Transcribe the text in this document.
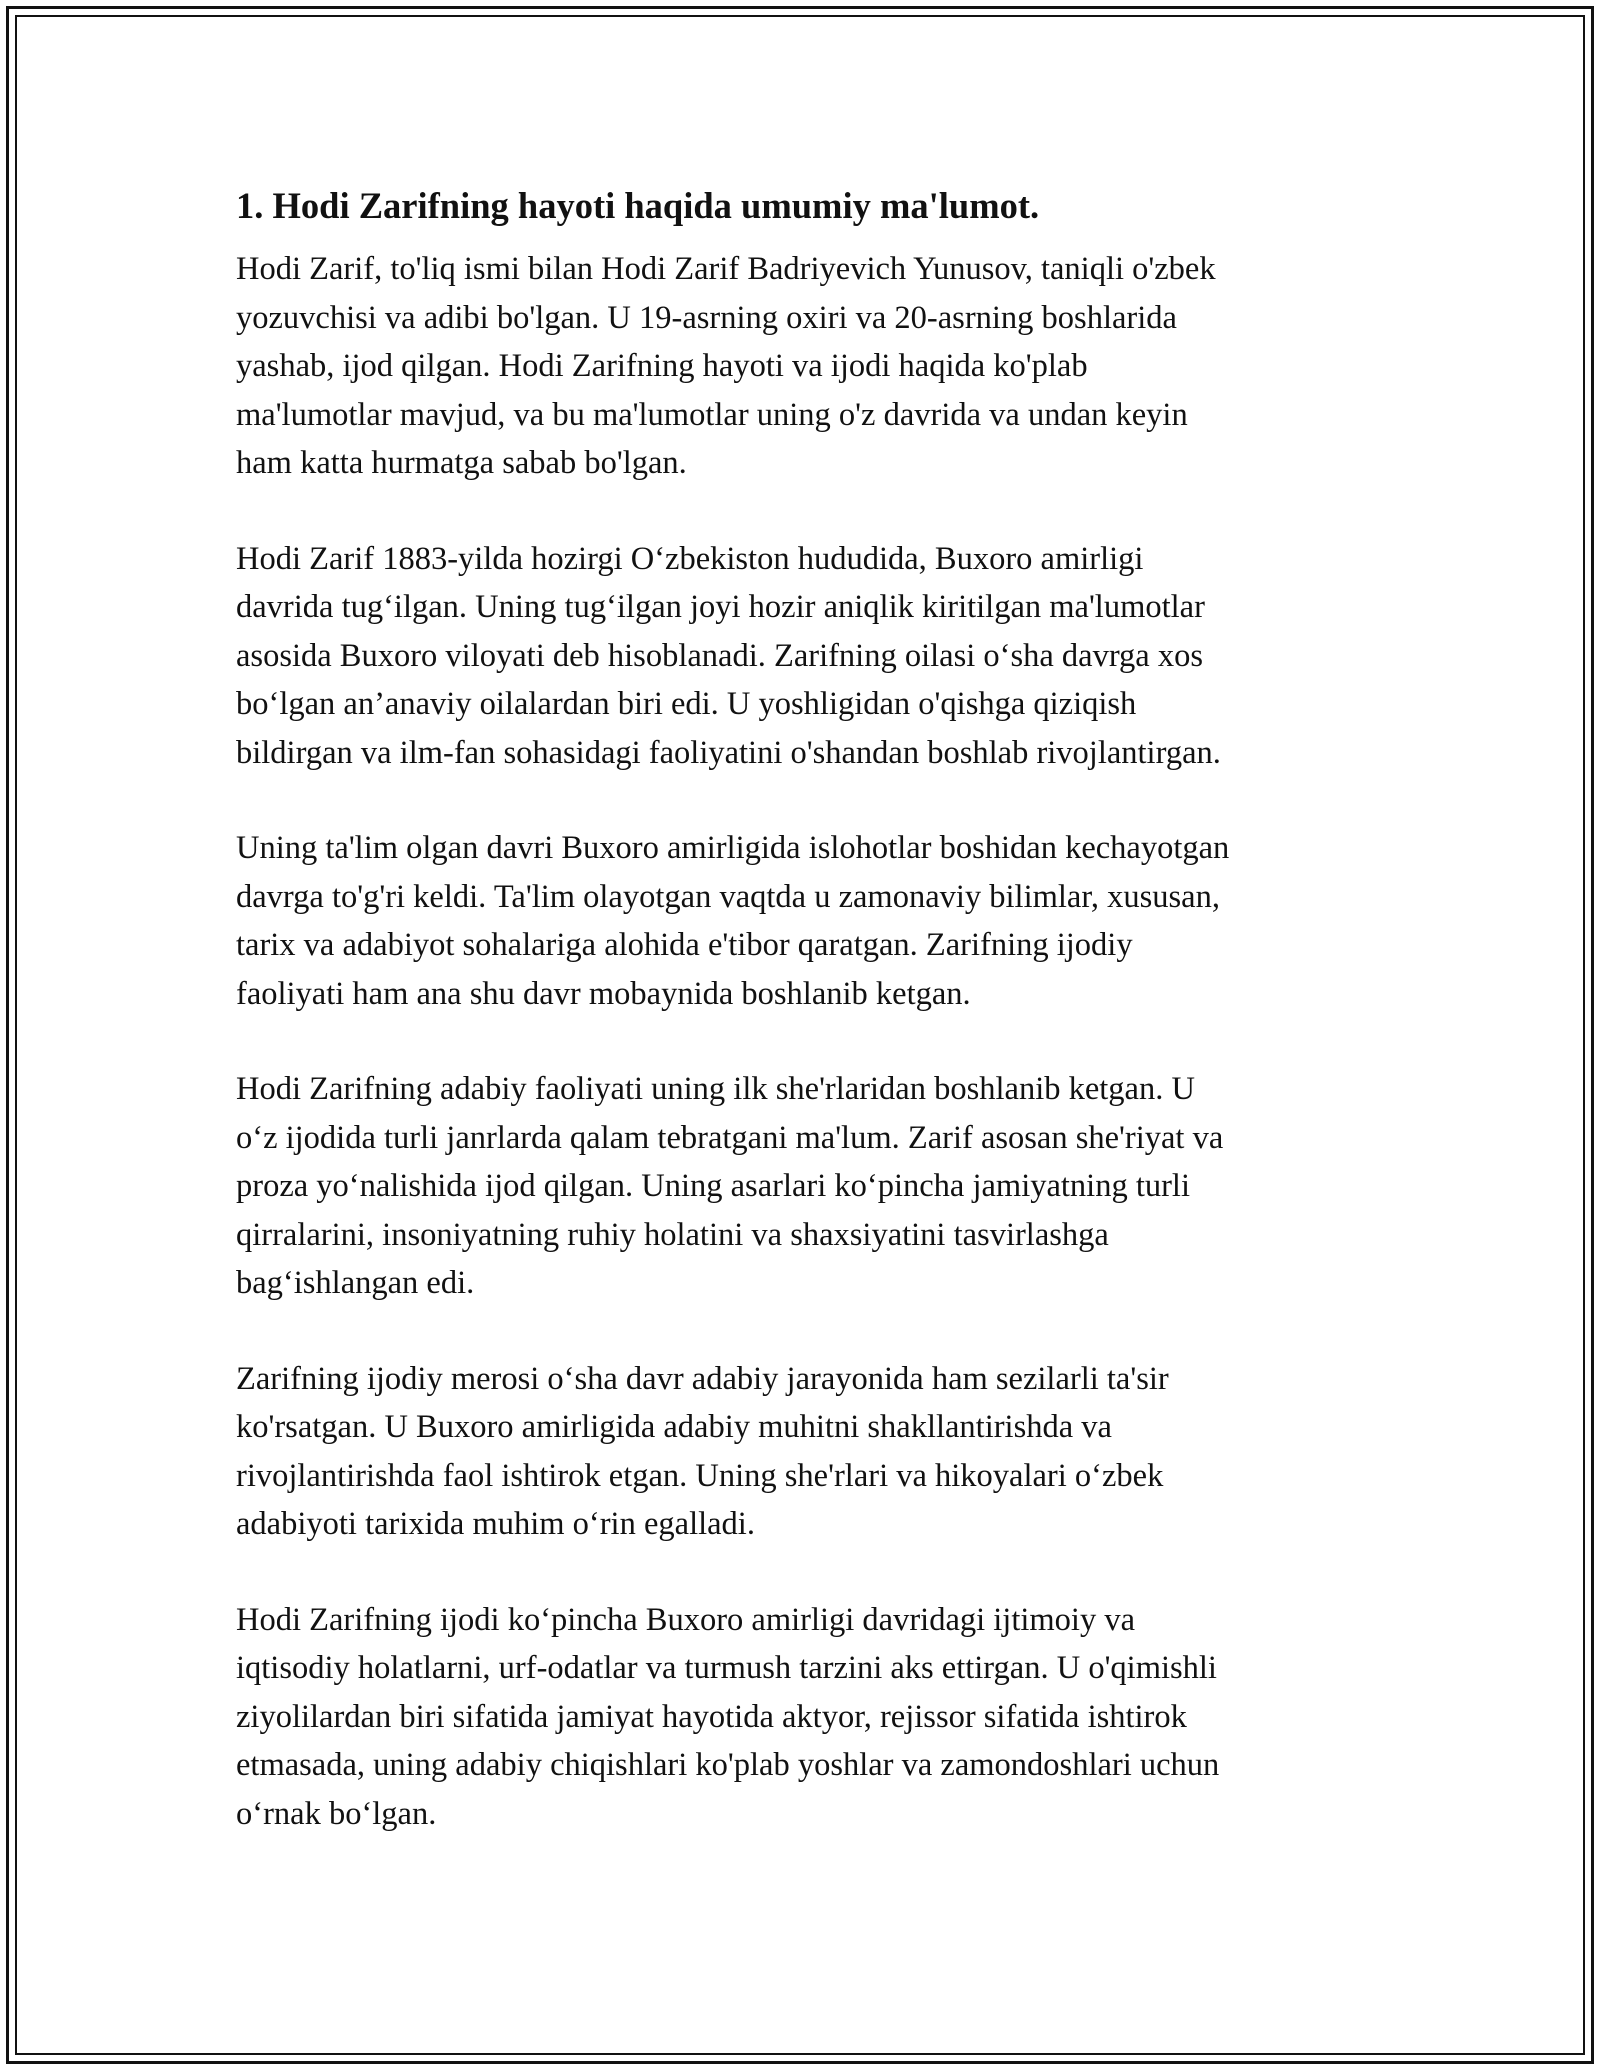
1. Hodi Zarifning hayoti haqida umumiy ma'lumot.
Hodi Zarif, to'liq ismi bilan Hodi Zarif Badriyevich Yunusov, taniqli o'zbek
yozuvchisi va adibi bo'lgan. U 19-asrning oxiri va 20-asrning boshlarida
yashab, ijod qilgan. Hodi Zarifning hayoti va ijodi haqida ko'plab
ma'lumotlar mavjud, va bu ma'lumotlar uning o'z davrida va undan keyin
ham katta hurmatga sabab bo'lgan.
Hodi Zarif 1883-yilda hozirgi O‘zbekiston hududida, Buxoro amirligi
davrida tug‘ilgan. Uning tug‘ilgan joyi hozir aniqlik kiritilgan ma'lumotlar
asosida Buxoro viloyati deb hisoblanadi. Zarifning oilasi o‘sha davrga xos
bo‘lgan an’anaviy oilalardan biri edi. U yoshligidan o'qishga qiziqish
bildirgan va ilm-fan sohasidagi faoliyatini o'shandan boshlab rivojlantirgan.
Uning ta'lim olgan davri Buxoro amirligida islohotlar boshidan kechayotgan
davrga to'g'ri keldi. Ta'lim olayotgan vaqtda u zamonaviy bilimlar, xususan,
tarix va adabiyot sohalariga alohida e'tibor qaratgan. Zarifning ijodiy
faoliyati ham ana shu davr mobaynida boshlanib ketgan.
Hodi Zarifning adabiy faoliyati uning ilk she'rlaridan boshlanib ketgan. U
o‘z ijodida turli janrlarda qalam tebratgani ma'lum. Zarif asosan she'riyat va
proza yo‘nalishida ijod qilgan. Uning asarlari ko‘pincha jamiyatning turli
qirralarini, insoniyatning ruhiy holatini va shaxsiyatini tasvirlashga
bag‘ishlangan edi.
Zarifning ijodiy merosi o‘sha davr adabiy jarayonida ham sezilarli ta'sir
ko'rsatgan. U Buxoro amirligida adabiy muhitni shakllantirishda va
rivojlantirishda faol ishtirok etgan. Uning she'rlari va hikoyalari o‘zbek
adabiyoti tarixida muhim o‘rin egalladi.
Hodi Zarifning ijodi ko‘pincha Buxoro amirligi davridagi ijtimoiy va
iqtisodiy holatlarni, urf-odatlar va turmush tarzini aks ettirgan. U o'qimishli
ziyolilardan biri sifatida jamiyat hayotida aktyor, rejissor sifatida ishtirok
etmasada, uning adabiy chiqishlari ko'plab yoshlar va zamondoshlari uchun
o‘rnak bo‘lgan.
